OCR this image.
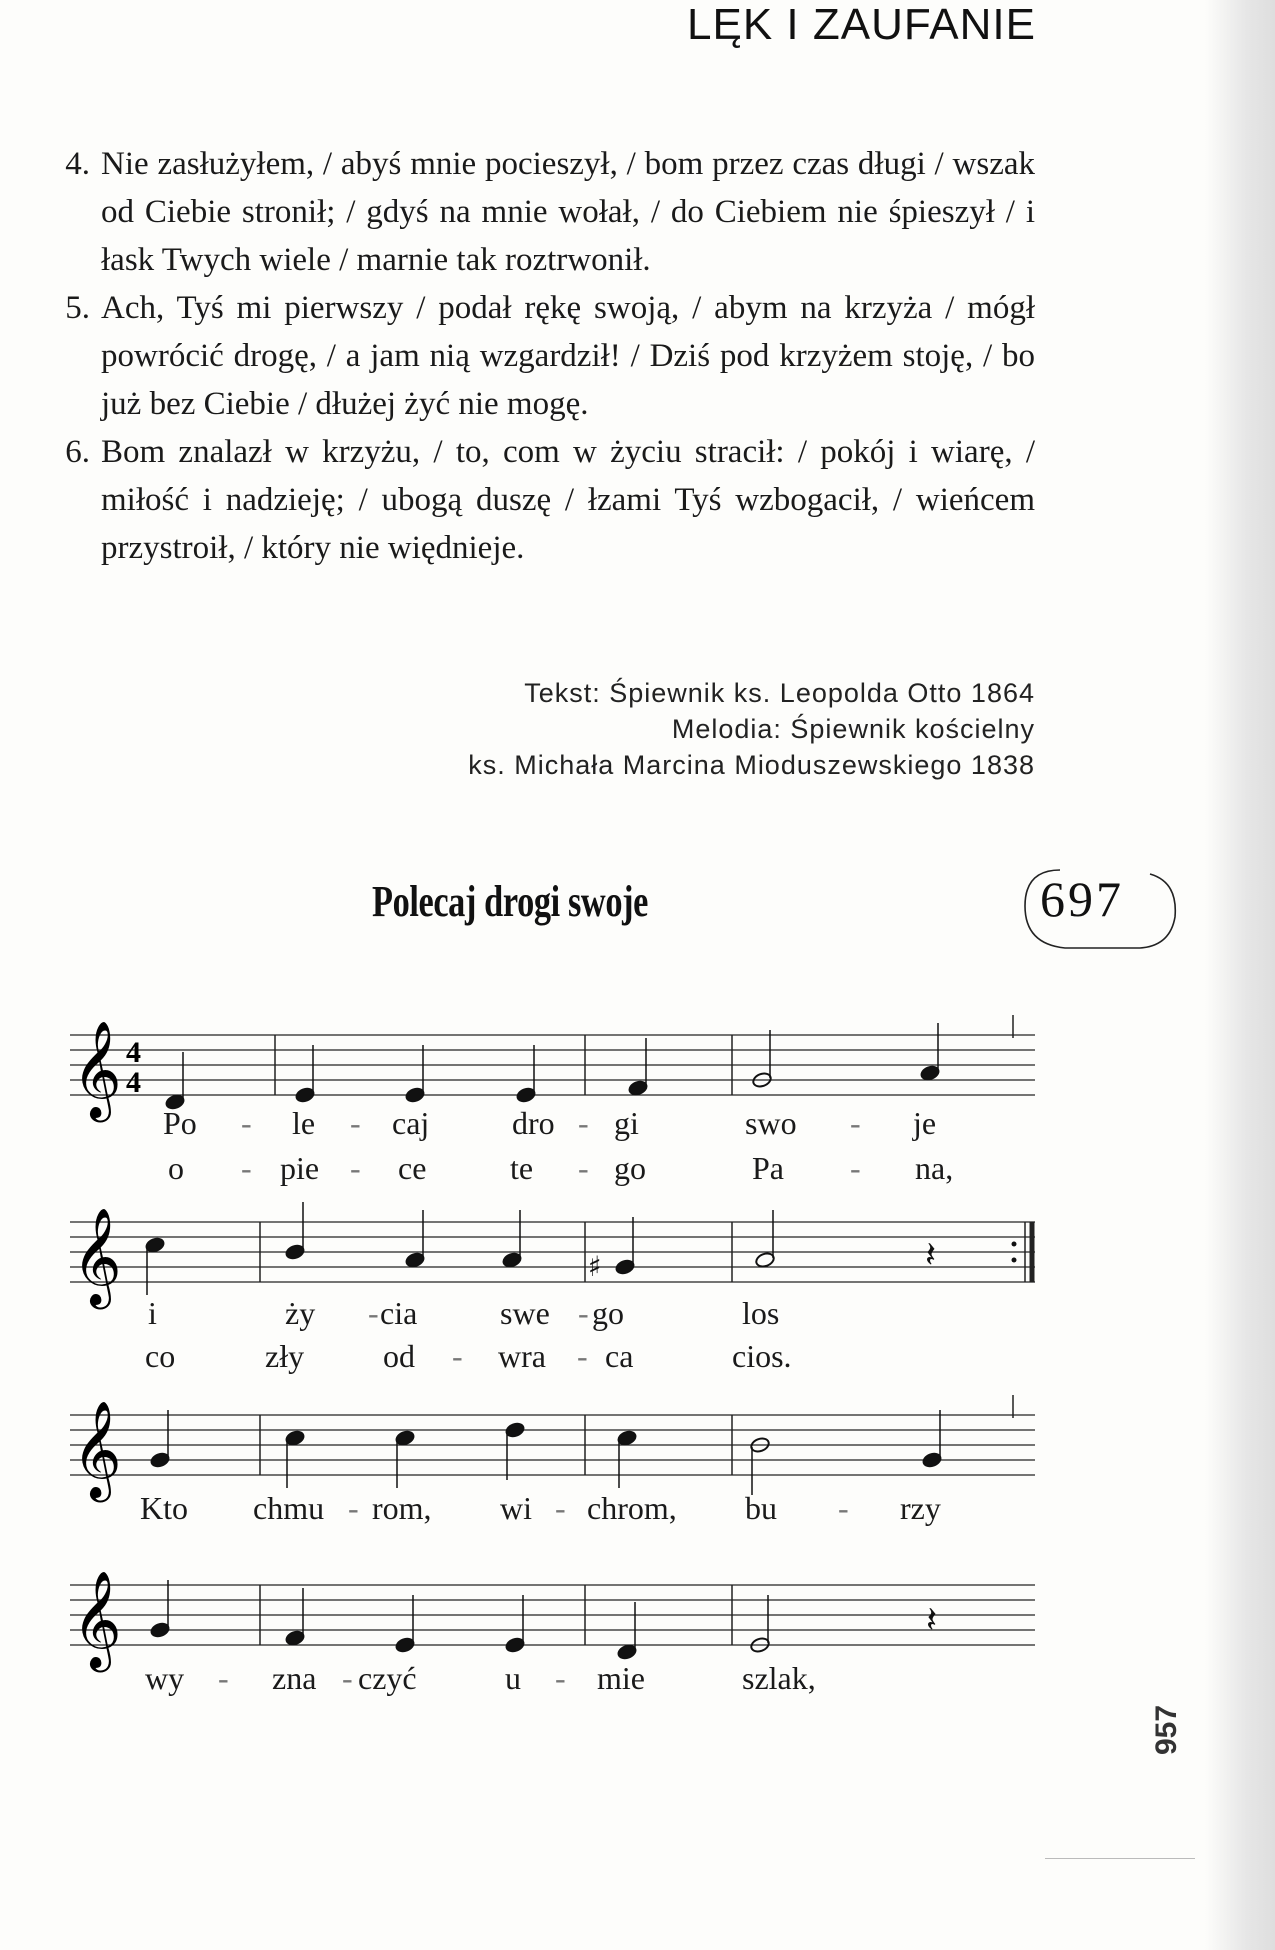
LĘK I ZAUFANIE
4. Nie zasłużyłem, / abyś mnie pocieszył, / bom przez czas długi / wszak od Ciebie stronił; / gdyś na mnie wołał, / do Ciebiem nie śpieszył / i łask Twych wiele / marnie tak roztrwonił.
5. Ach, Tyś mi pierwszy / podał rękę swoją, / abym na krzyża / mógł powrócić drogę, / a jam nią wzgardził! / Dziś pod krzyżem stoję, / bo już bez Ciebie / dłużej żyć nie mogę.
6. Bom znalazł w krzyżu, / to, com w życiu stracił: / pokój i wiarę, / miłość i nadzieję; / ubogą duszę / łzami Tyś wzbogacił, / wieńcem przystroił, / który nie więdnieje.
Tekst: Śpiewnik ks. Leopolda Otto 1864
Melodia: Śpiewnik kościelny
ks. Michała Marcina Mioduszewskiego 1838
Polecaj drogi swoje	697
𝄞 4
4
Po - le - caj	dro - gi	swo - je
o - pie - ce	te - go	Pa - na,
𝄞	♯	𝄽
i	ży - cia	swe - go	los
co	zły od - wra - ca	cios.
𝄞
Kto chmu - rom, wi - chrom, bu - rzy
𝄞	𝄽
wy - zna - czyć	u - mie	szlak,
957
